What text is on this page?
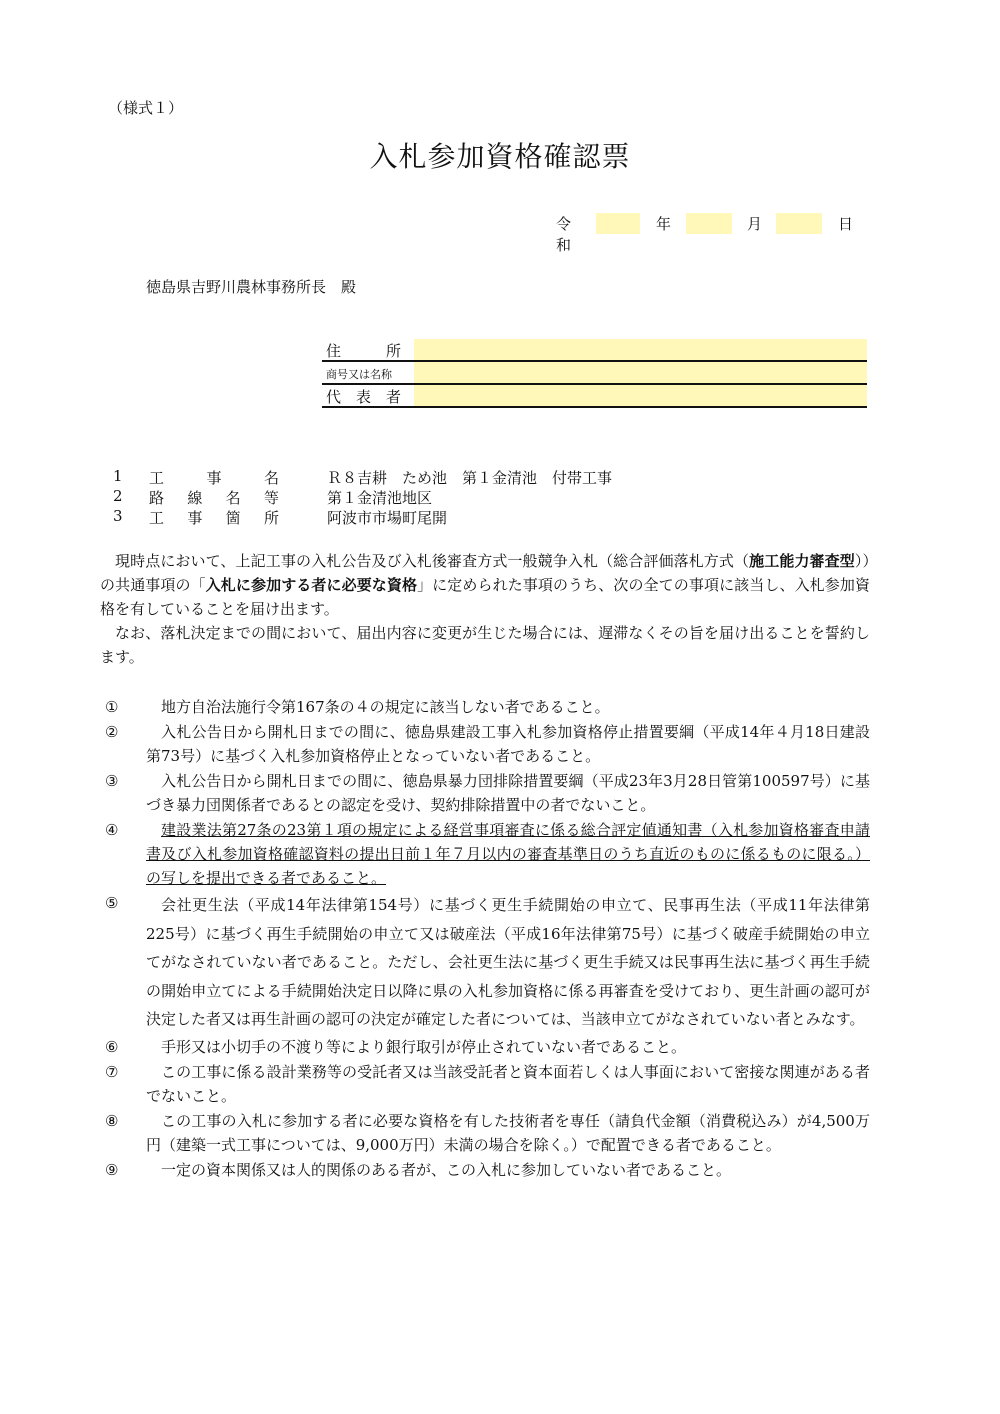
（様式１）
入札参加資格確認票
令和
年	月	日
徳島県吉野川農林事務所長　殿
住　　　所
商号又は名称
代　表　者
1 工	事	名	Ｒ８吉耕　ため池　第１金清池　付帯工事
2 路 線 名 等	第１金清池地区
3 工 事 箇 所	阿波市市場町尾開

現時点において、上記工事の入札公告及び入札後審査方式一般競争入札（総合評価落札方式（施工能力審査型））の共通事項の「入札に参加する者に必要な資格」に定められた事項のうち、次の全ての事項に該当し、入札参加資格を有していることを届け出ます。

なお、落札決定までの間において、届出内容に変更が生じた場合には、遅滞なくその旨を届け出ることを誓約します。

①	地方自治法施行令第167条の４の規定に該当しない者であること。
②	入札公告日から開札日までの間に、徳島県建設工事入札参加資格停止措置要綱（平成14年４月18日建設第73号）に基づく入札参加資格停止となっていない者であること。
③	入札公告日から開札日までの間に、徳島県暴力団排除措置要綱（平成23年3月28日管第100597号）に基づき暴力団関係者であるとの認定を受け、契約排除措置中の者でないこと。
④	建設業法第27条の23第１項の規定による経営事項審査に係る総合評定値通知書（入札参加資格審査申請書及び入札参加資格確認資料の提出日前１年７月以内の審査基準日のうち直近のものに係るものに限る。）の写しを提出できる者であること。
⑤	会社更生法（平成14年法律第154号）に基づく更生手続開始の申立て、民事再生法（平成11年法律第225号）に基づく再生手続開始の申立て又は破産法（平成16年法律第75号）に基づく破産手続開始の申立てがなされていない者であること。ただし、会社更生法に基づく更生手続又は民事再生法に基づく再生手続の開始申立てによる手続開始決定日以降に県の入札参加資格に係る再審査を受けており、更生計画の認可が決定した者又は再生計画の認可の決定が確定した者については、当該申立てがなされていない者とみなす。
⑥	手形又は小切手の不渡り等により銀行取引が停止されていない者であること。
⑦	この工事に係る設計業務等の受託者又は当該受託者と資本面若しくは人事面において密接な関連がある者でないこと。
⑧	この工事の入札に参加する者に必要な資格を有した技術者を専任（請負代金額（消費税込み）が4,500万円（建築一式工事については、9,000万円）未満の場合を除く。）で配置できる者であること。
⑨	一定の資本関係又は人的関係のある者が、この入札に参加していない者であること。
